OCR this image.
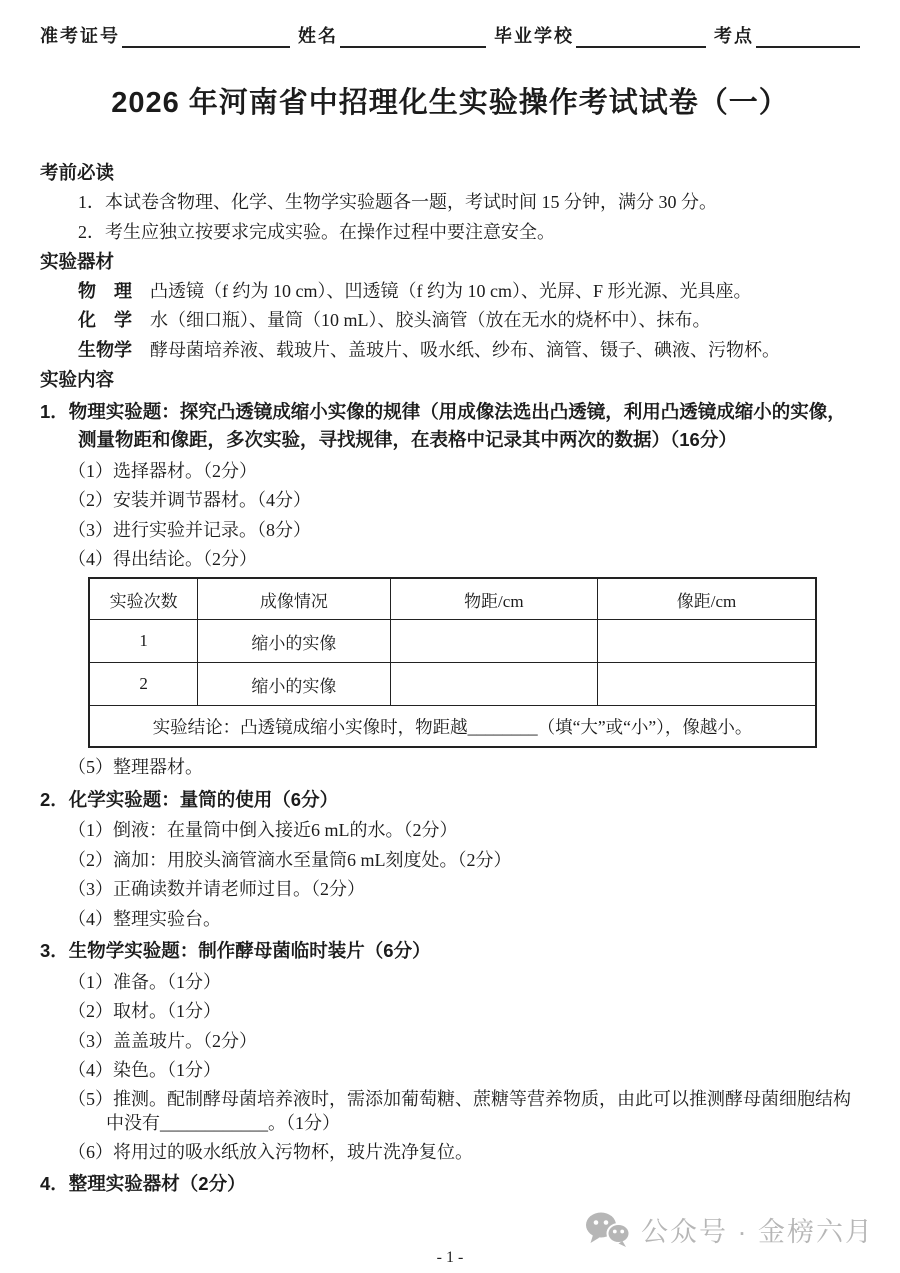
准考证号	姓名	毕业学校	考点
2026 年河南省中招理化生实验操作考试试卷（一）
考前必读

1．本试卷含物理、化学、生物学实验题各一题，考试时间 15 分钟，满分 30 分。

2．考生应独立按要求完成实验。在操作过程中要注意安全。

实验器材
物　理	凸透镜（f 约为 10 cm）、凹透镜（f 约为 10 cm）、光屏、F 形光源、光具座。
化　学	水（细口瓶）、量筒（10 mL）、胶头滴管（放在无水的烧杯中）、抹布。
生物学	酵母菌培养液、载玻片、盖玻片、吸水纸、纱布、滴管、镊子、碘液、污物杯。
实验内容

1．物理实验题：探究凸透镜成缩小实像的规律（用成像法选出凸透镜，利用凸透镜成缩小的实像，测量物距和像距，多次实验，寻找规律，在表格中记录其中两次的数据）（16分）

（1）选择器材。（2分）

（2）安装并调节器材。（4分）

（3）进行实验并记录。（8分）

（4）得出结论。（2分）

实验次数	成像情况	物距/cm	像距/cm
1	缩小的实像		
2	缩小的实像		
实验结论：凸透镜成缩小实像时，物距越________（填“大”或“小”），像越小。			

（5）整理器材。

2．化学实验题：量筒的使用（6分）

（1）倒液：在量筒中倒入接近6 mL的水。（2分）

（2）滴加：用胶头滴管滴水至量筒6 mL刻度处。（2分）

（3）正确读数并请老师过目。（2分）

（4）整理实验台。

3．生物学实验题：制作酵母菌临时装片（6分）

（1）准备。（1分）

（2）取材。（1分）

（3）盖盖玻片。（2分）

（4）染色。（1分）

（5）推测。配制酵母菌培养液时，需添加葡萄糖、蔗糖等营养物质，由此可以推测酵母菌细胞结构中没有____________。（1分）

（6）将用过的吸水纸放入污物杯，玻片洗净复位。

4．整理实验器材（2分）

公众号 · 金榜六月
- 1 -
